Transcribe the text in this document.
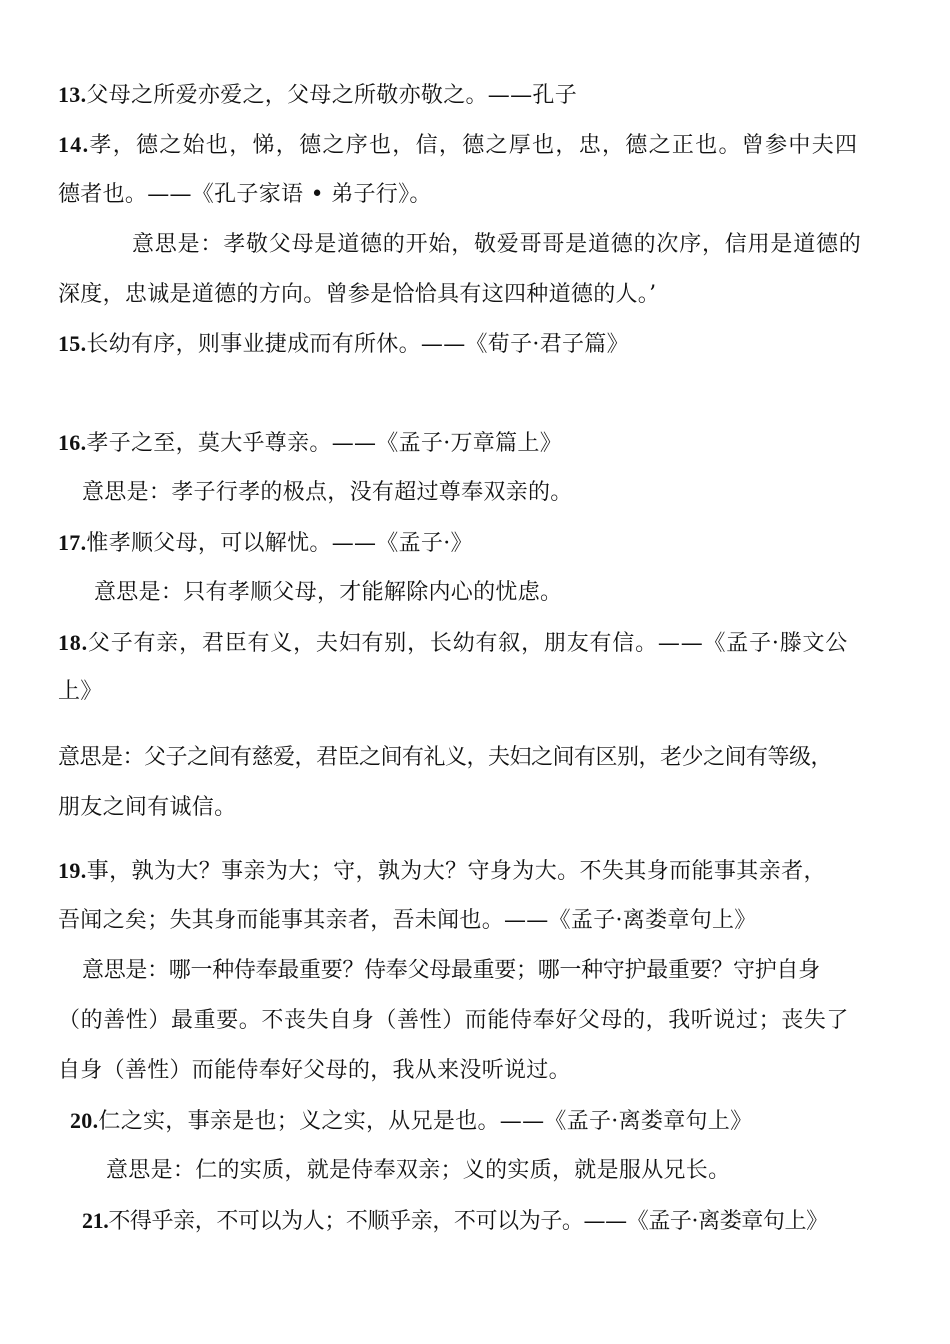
13.父母之所爱亦爱之，父母之所敬亦敬之。——孔子
14.孝，德之始也，悌，德之序也，信，德之厚也，忠，德之正也。曾参中夫四
德者也。——《孔子家语 • 弟子行》。
意思是：孝敬父母是道德的开始，敬爱哥哥是道德的次序，信用是道德的
深度，忠诚是道德的方向。曾参是恰恰具有这四种道德的人。’
15.长幼有序，则事业捷成而有所休。——《荀子·君子篇》
16.孝子之至，莫大乎尊亲。——《孟子·万章篇上》
意思是：孝子行孝的极点，没有超过尊奉双亲的。
17.惟孝顺父母，可以解忧。——《孟子·》
意思是：只有孝顺父母，才能解除内心的忧虑。
18.父子有亲，君臣有义，夫妇有别，长幼有叙，朋友有信。——《孟子·滕文公
上》
意思是：父子之间有慈爱，君臣之间有礼义，夫妇之间有区别，老少之间有等级，
朋友之间有诚信。
19.事，孰为大？事亲为大；守，孰为大？守身为大。不失其身而能事其亲者，
吾闻之矣；失其身而能事其亲者，吾未闻也。——《孟子·离娄章句上》
意思是：哪一种侍奉最重要？侍奉父母最重要；哪一种守护最重要？守护自身
（的善性）最重要。不丧失自身（善性）而能侍奉好父母的，我听说过；丧失了
自身（善性）而能侍奉好父母的，我从来没听说过。
20.仁之实，事亲是也；义之实，从兄是也。——《孟子·离娄章句上》
意思是：仁的实质，就是侍奉双亲；义的实质，就是服从兄长。
21.不得乎亲，不可以为人；不顺乎亲，不可以为子。——《孟子·离娄章句上》
